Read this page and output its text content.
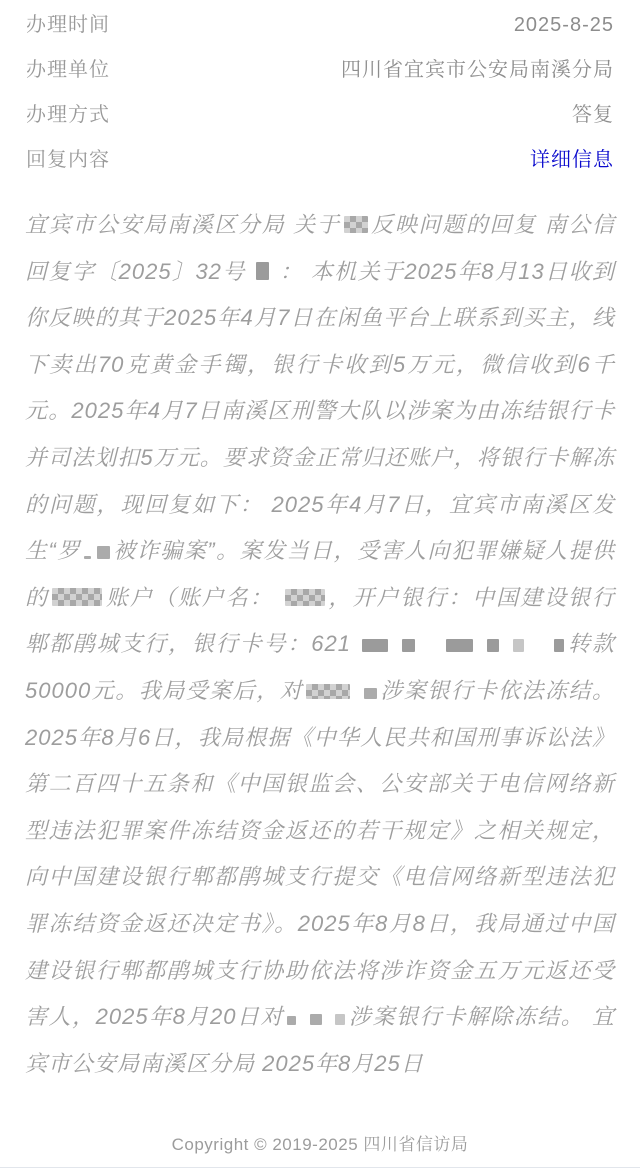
办理时间	2025-8-25
办理单位	四川省宜宾市公安局南溪分局
办理方式	答复
回复内容	详细信息
宜宾市公安局南溪区分局 关于 反映问题的回复 南公信回复字〔2025〕32号  ： 本机关于2025年8月13日收到你反映的其于2025年4月7日在闲鱼平台上联系到买主，线下卖出70克黄金手镯，银行卡收到5万元，微信收到6千元。2025年4月7日南溪区刑警大队以涉案为由冻结银行卡并司法划扣5万元。要求资金正常归还账户，将银行卡解冻的问题，现回复如下： 2025年4月7日，宜宾市南溪区发生“罗 被诈骗案”。案发当日，受害人向犯罪嫌疑人提供的	账户（账户名： ，开户银行：中国建设银行郫都鹃城支行，银行卡号：621  　  　	转款50000元。我局受案后，对	涉案银行卡依法冻结。2025年8月6日，我局根据《中华人民共和国刑事诉讼法》第二百四十五条和《中国银监会、公安部关于电信网络新型违法犯罪案件冻结资金返还的若干规定》之相关规定，向中国建设银行郫都鹃城支行提交《电信网络新型违法犯罪冻结资金返还决定书》。2025年8月8日，我局通过中国建设银行郫都鹃城支行协助依法将涉诈资金五万元返还受害人，2025年8月20日对	涉案银行卡解除冻结。 宜宾市公安局南溪区分局 2025年8月25日
Copyright © 2019-2025 四川省信访局
